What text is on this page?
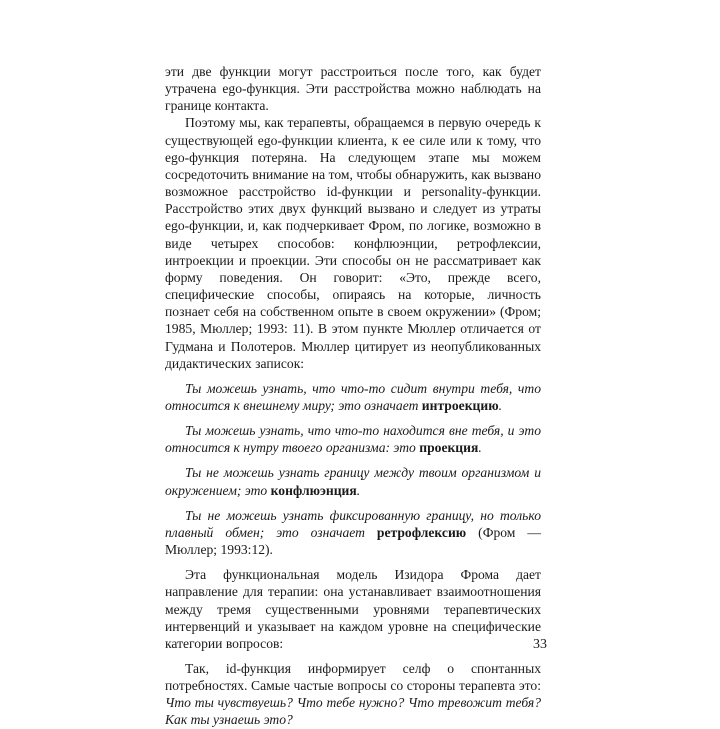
эти две функции могут расстроиться после того, как будет утрачена ego-функция. Эти расстройства можно наблюдать на границе контакта.

Поэтому мы, как терапевты, обращаемся в первую очередь к существующей ego-функции клиента, к ее силе или к тому, что ego-функция потеряна. На следующем этапе мы можем сосредоточить внимание на том, чтобы обнаружить, как вызвано возможное расстройство id-функции и personality-функции. Расстройство этих двух функций вызвано и следует из утраты ego-функции, и, как подчеркивает Фром, по логике, возможно в виде четырех способов: конфлюэнции, ретрофлексии, интроекции и проекции. Эти способы он не рассматривает как форму поведения. Он говорит: «Это, прежде всего, специфические способы, опираясь на которые, личность познает себя на собственном опыте в своем окружении» (Фром; 1985, Мюллер; 1993: 11). В этом пункте Мюллер отличается от Гудмана и Полотеров. Мюллер цитирует из неопубликованных дидактических записок:

Ты можешь узнать, что что-то сидит внутри тебя, что относится к внешнему миру; это означает интроекцию.

Ты можешь узнать, что что-то находится вне тебя, и это относится к нутру твоего организма: это проекция.

Ты не можешь узнать границу между твоим организмом и окружением; это конфлюэнция.

Ты не можешь узнать фиксированную границу, но только плавный обмен; это означает ретрофлексию (Фром — Мюллер; 1993:12).

Эта функциональная модель Изидора Фрома дает направление для терапии: она устанавливает взаимоотношения между тремя существенными уровнями терапевтических интервенций и указывает на каждом уровне на специфические категории вопросов:

Так, id-функция информирует селф о спонтанных потребностях. Самые частые вопросы со стороны терапевта это: Что ты чувствуешь? Что тебе нужно? Что тревожит тебя? Как ты узнаешь это?

33
